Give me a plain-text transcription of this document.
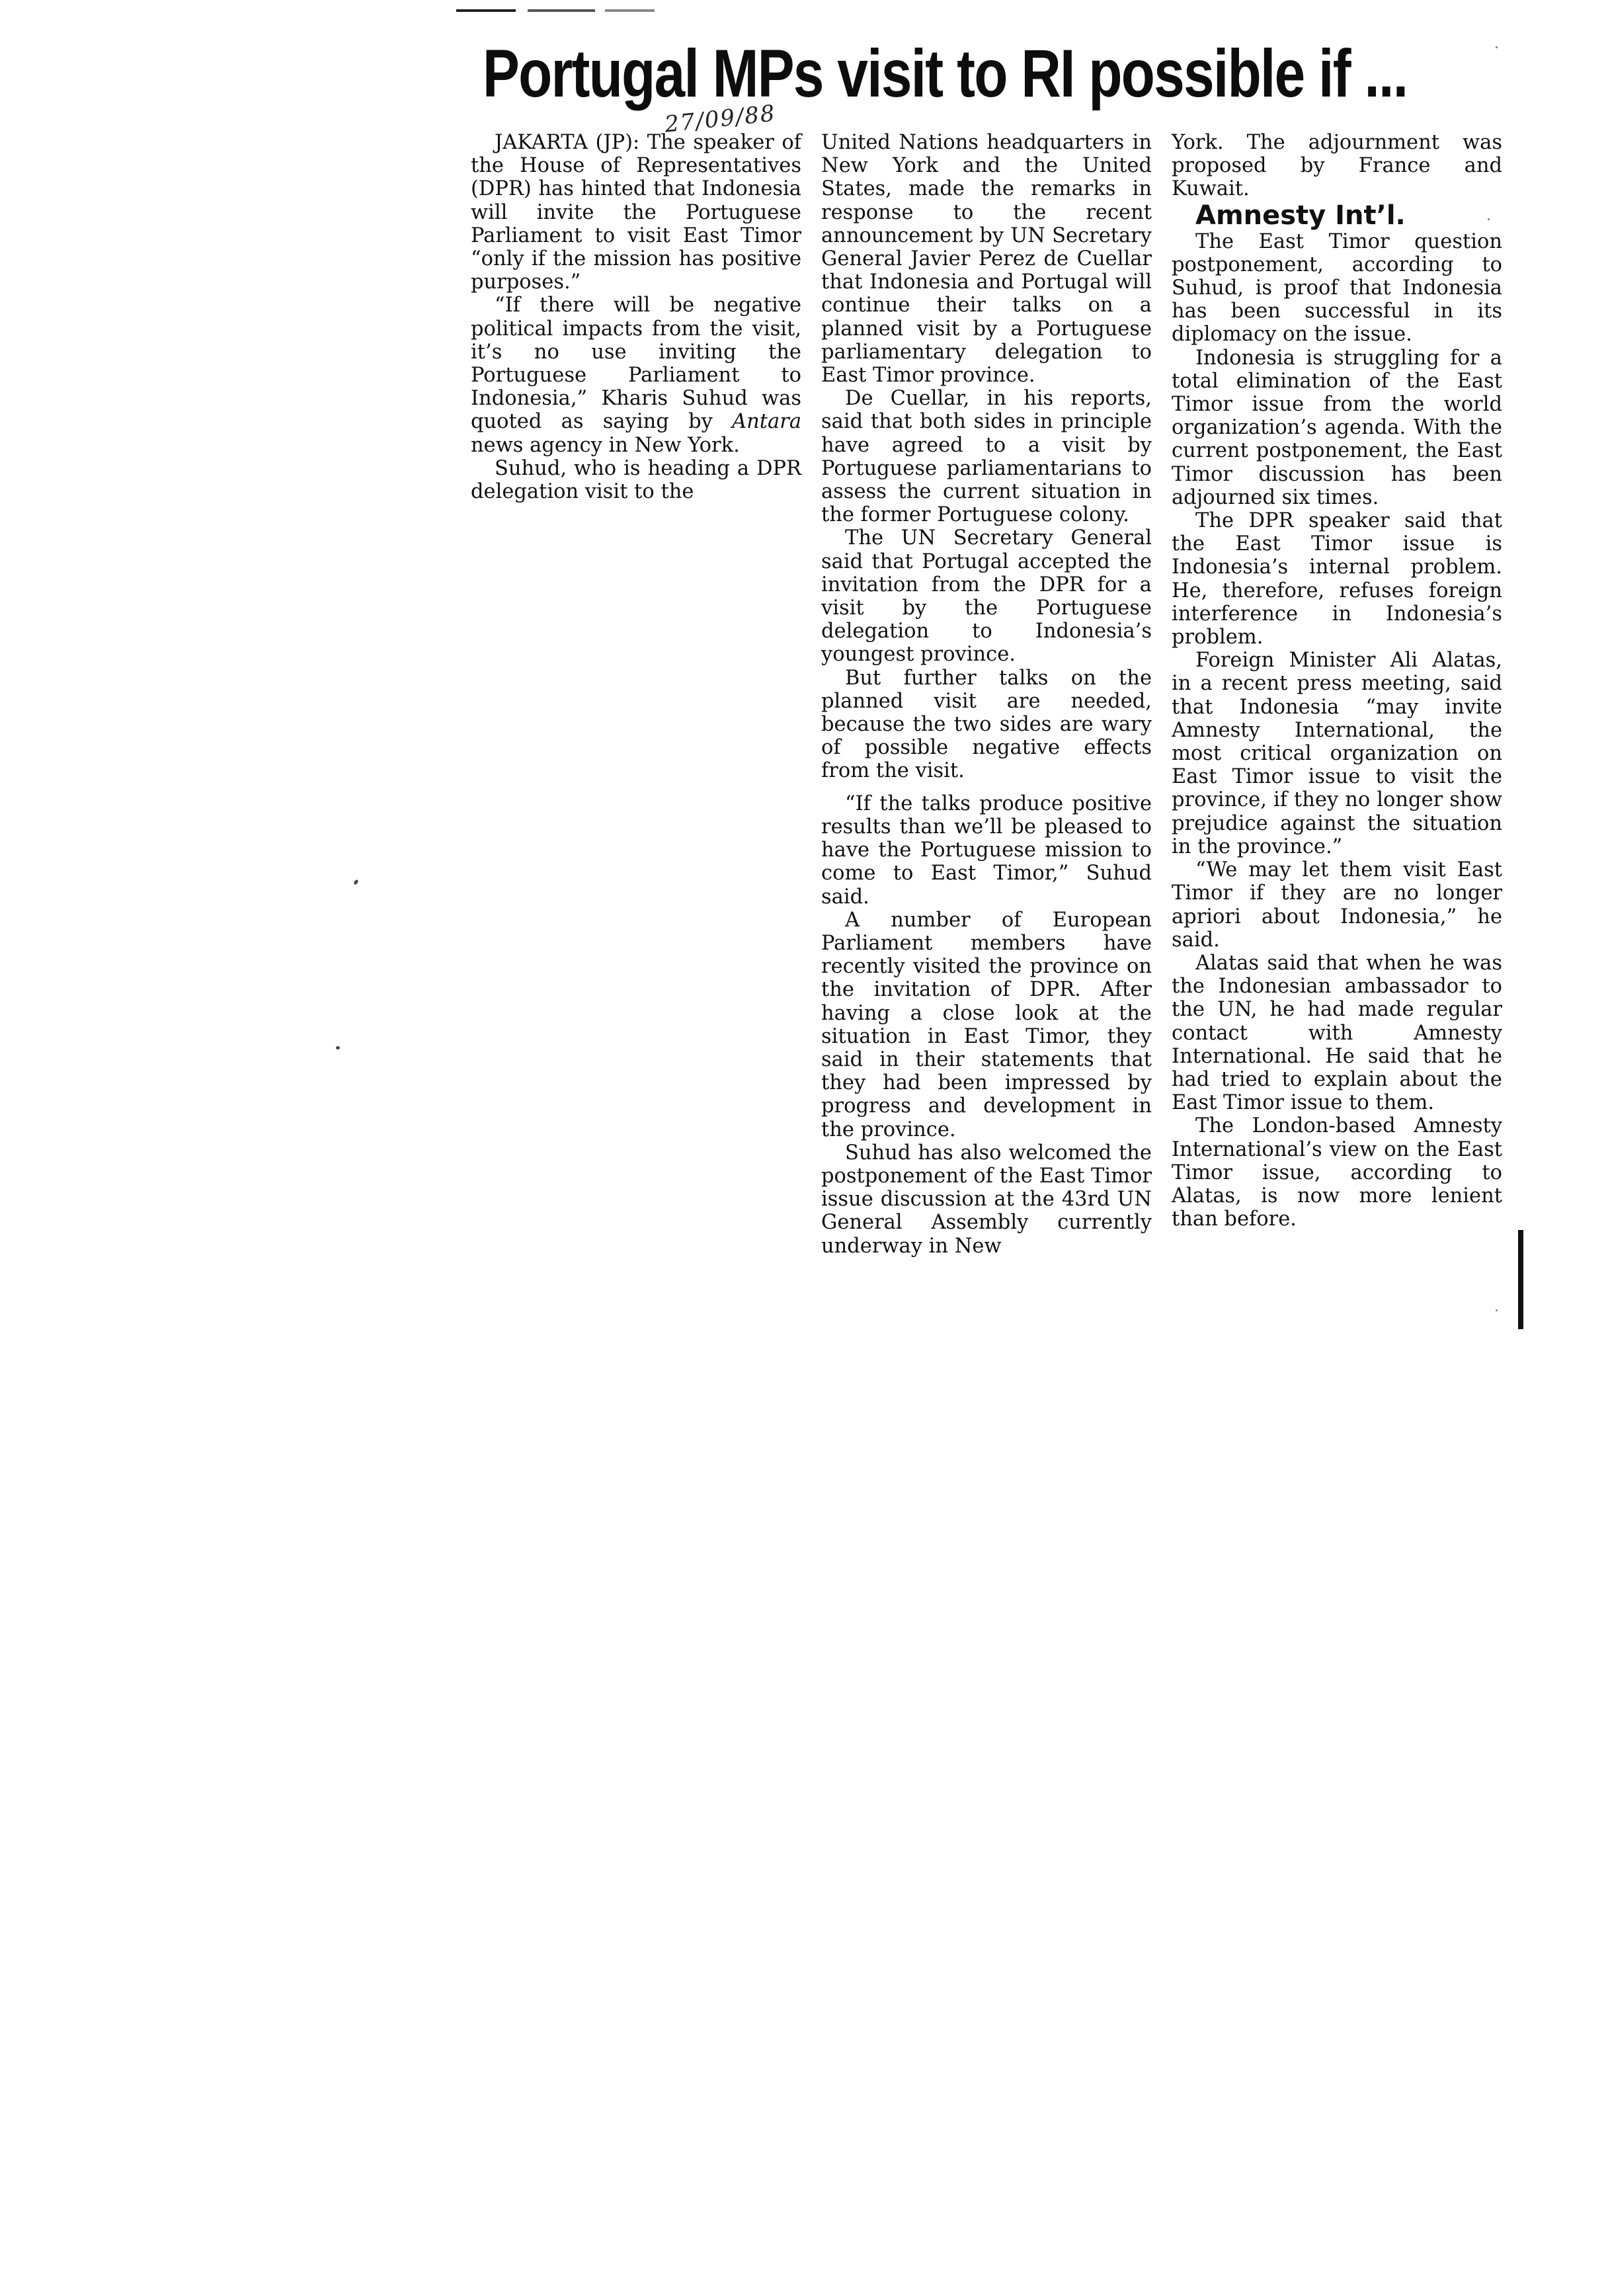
Portugal MPs visit to RI possible if ...
27/09/88

JAKARTA (JP): The speaker of the House of Representatives (DPR) has hinted that Indonesia will invite the Portuguese Parliament to visit East Timor “only if the mission has positive purposes.”

“If there will be negative political impacts from the visit, it’s no use inviting the Portuguese Parliament to Indonesia,” Kharis Suhud was quoted as saying by Antara news agency in New York.

Suhud, who is heading a DPR delegation visit to the

United Nations headquarters in New York and the United States, made the remarks in response to the recent announcement by UN Secretary General Javier Perez de Cuellar that Indonesia and Portugal will continue their talks on a planned visit by a Portuguese parliamentary delegation to East Timor province.

De Cuellar, in his reports, said that both sides in principle have agreed to a visit by Portuguese parliamentarians to assess the current situation in the former Portuguese colony.

The UN Secretary General said that Portugal accepted the invitation from the DPR for a visit by the Portuguese delegation to Indonesia’s youngest province.

But further talks on the planned visit are needed, because the two sides are wary of possible negative effects from the visit.

“If the talks produce positive results than we’ll be pleased to have the Portuguese mission to come to East Timor,” Suhud said.

A number of European Parliament members have recently visited the province on the invitation of DPR. After having a close look at the situation in East Timor, they said in their statements that they had been impressed by progress and development in the province.

Suhud has also welcomed the postponement of the East Timor issue discussion at the 43rd UN General Assembly currently underway in New

York. The adjournment was proposed by France and Kuwait.

Amnesty Int’l.

The East Timor question postponement, according to Suhud, is proof that Indonesia has been successful in its diplomacy on the issue.

Indonesia is struggling for a total elimination of the East Timor issue from the world organization’s agenda. With the current postponement, the East Timor discussion has been adjourned six times.

The DPR speaker said that the East Timor issue is Indonesia’s internal problem. He, therefore, refuses foreign interference in Indonesia’s problem.

Foreign Minister Ali Alatas, in a recent press meeting, said that Indonesia “may invite Amnesty International, the most critical organization on East Timor issue to visit the province, if they no longer show prejudice against the situation in the province.”

“We may let them visit East Timor if they are no longer apriori about Indonesia,” he said.

Alatas said that when he was the Indonesian ambassador to the UN, he had made regular contact with Amnesty International. He said that he had tried to explain about the East Timor issue to them.

The London-based Amnesty International’s view on the East Timor issue, according to Alatas, is now more lenient than before.
